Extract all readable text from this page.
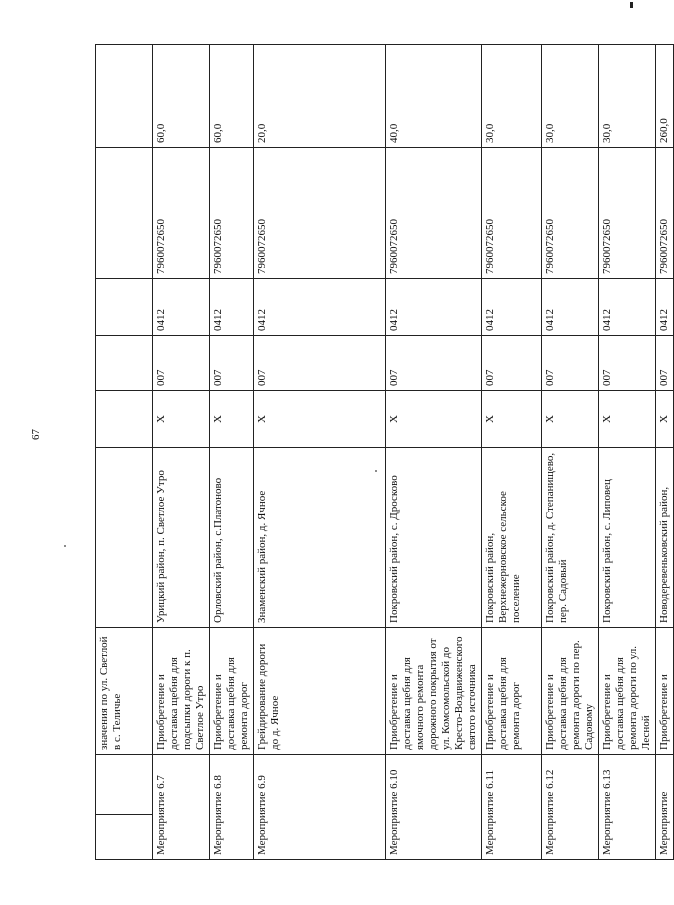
67
		значения по ул. Светлой в с. Теличье						
Мероприятие 6.7		Приобретение и доставка щебня для подсыпки дороги к п. Светлое Утро	Урицкий район, п. Светлое Утро	Х	007	0412	7960072650	60,0
Мероприятие 6.8		Приобретение и доставка щебня для ремонта дорог	Орловский район, с.Платоново	Х	007	0412	7960072650	60,0
Мероприятие 6.9		Грейдирование дороги до д. Ячное	Знаменский район, д. Ячное	Х	007	0412	7960072650	20,0
Мероприятие 6.10		Приобретение и доставка щебня для ямочного ремонта дорожного покрытия от ул. Комсомольской до Кресто-Воздвиженского святого источника	Покровский район, с. Дросково	Х	007	0412	7960072650	40,0
Мероприятие 6.11		Приобретение и доставка щебня для ремонта дорог	Покровский район, Верхнежерновское сельское поселение	Х	007	0412	7960072650	30,0
Мероприятие 6.12		Приобретение и доставка щебня для ремонта дороги по пер. Садовому	Покровский район, д. Степанищево, пер. Садовый	Х	007	0412	7960072650	30,0
Мероприятие 6.13		Приобретение и доставка щебня для ремонта дороги по ул. Лесной	Покровский район, с. Липовец	Х	007	0412	7960072650	30,0
Мероприятие		Приобретение и	Новодеревеньковский район,	Х	007	0412	7960072650	260,0
